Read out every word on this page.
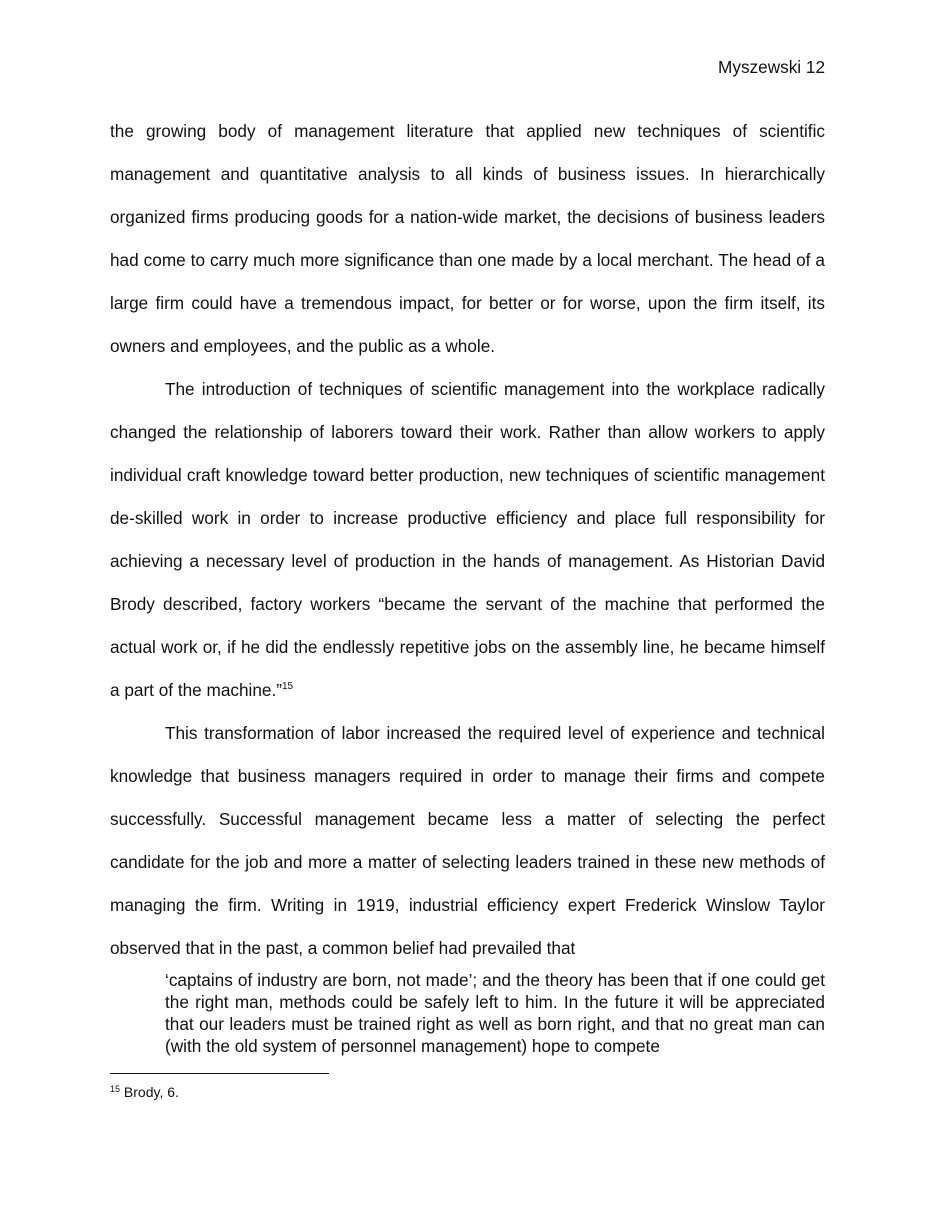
Myszewski 12

the growing body of management literature that applied new techniques of scientific management and quantitative analysis to all kinds of business issues. In hierarchically organized firms producing goods for a nation-wide market, the decisions of business leaders had come to carry much more significance than one made by a local merchant. The head of a large firm could have a tremendous impact, for better or for worse, upon the firm itself, its owners and employees, and the public as a whole.

The introduction of techniques of scientific management into the workplace radically changed the relationship of laborers toward their work. Rather than allow workers to apply individual craft knowledge toward better production, new techniques of scientific management de-skilled work in order to increase productive efficiency and place full responsibility for achieving a necessary level of production in the hands of management. As Historian David Brody described, factory workers “became the servant of the machine that performed the actual work or, if he did the endlessly repetitive jobs on the assembly line, he became himself a part of the machine.”$^{15}$

This transformation of labor increased the required level of experience and technical knowledge that business managers required in order to manage their firms and compete successfully. Successful management became less a matter of selecting the perfect candidate for the job and more a matter of selecting leaders trained in these new methods of managing the firm. Writing in 1919, industrial efficiency expert Frederick Winslow Taylor observed that in the past, a common belief had prevailed that

‘captains of industry are born, not made’; and the theory has been that if one could get the right man, methods could be safely left to him. In the future it will be appreciated that our leaders must be trained right as well as born right, and that no great man can (with the old system of personnel management) hope to compete

$^{15}$ Brody, 6.
